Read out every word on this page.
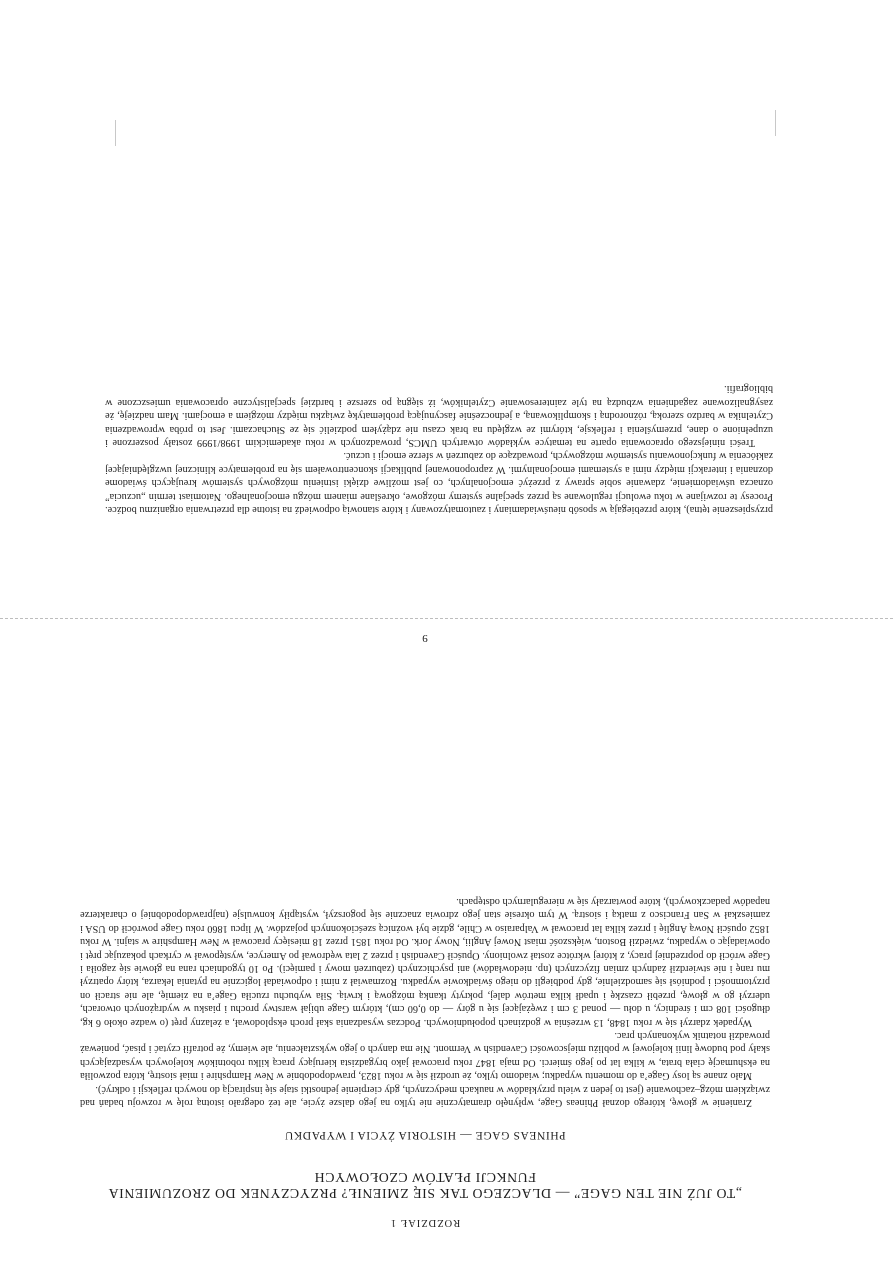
przyspieszenie tętna), które przebiegają w sposób nieuświadamiany i zautomatyzowany i które stanowią odpowiedź na istotne dla przetrwania organizmu bodźce. Procesy te rozwijane w toku ewolucji regulowane są przez specjalne systemy mózgowe, określane mianem mózgu emocjonalnego. Natomiast termin „uczucia” oznacza uświadomienie, zdawanie sobie sprawy z przeżyć emocjonalnych, co jest możliwe dzięki istnieniu mózgowych systemów kreujących świadome doznania i interakcji między nimi a systemami emocjonalnymi. W zaproponowanej publikacji skoncentrowałem się na problematyce klinicznej uwzględniającej zakłócenia w funkcjonowaniu systemów mózgowych, prowadzące do zaburzeń w sferze emocji i uczuć.

Treści niniejszego opracowania oparte na tematyce wykładów otwartych UMCS, prowadzonych w roku akademickim 1998/1999 zostały poszerzone i uzupełnione o dane, przemyślenia i refleksje, którymi ze względu na brak czasu nie zdążyłem podzielić się ze Słuchaczami. Jest to próba wprowadzenia Czytelnika w bardzo szeroką, różnorodną i skomplikowaną, a jednocześnie fascynującą problematykę związku między mózgiem a emocjami. Mam nadzieję, że zasygnalizowane zagadnienia wzbudzą na tyle zainteresowanie Czytelników, iż sięgną po szersze i bardziej specjalistyczne opracowania umieszczone w bibliografii.

ROZDZIAŁ 1
„TO JUŻ NIE TEN GAGE” — DLACZEGO TAK SIĘ ZMIENIŁ? PRZYCZYNEK DO ZROZUMIENIA FUNKCJI PŁATÓW CZOŁOWYCH
PHINEAS GAGE — HISTORIA ŻYCIA I WYPADKU

Zranienie w głowę, którego doznał Phineas Gage, wpłynęło dramatycznie nie tylko na jego dalsze życie, ale też odegrało istotną rolę w rozwoju badań nad związkiem mózg–zachowanie (jest to jeden z wielu przykładów w naukach medycznych, gdy cierpienie jednostki staje się inspiracją do nowych refleksji i odkryć).

Mało znane są losy Gage’a do momentu wypadku; wiadomo tylko, że urodził się w roku 1823, prawdopodobnie w New Hampshire i miał siostrę, która pozwoliła na ekshumację ciała brata, w kilka lat po jego śmierci. Od maja 1847 roku pracował jako brygadzista kierujący pracą kilku robotników kolejowych wysadzających skały pod budowę linii kolejowej w pobliżu miejscowości Cavendish w Vermont. Nie ma danych o jego wykształceniu, ale wiemy, że potrafił czytać i pisać, ponieważ prowadził notatnik wykonanych prac.

Wypadek zdarzył się w roku 1848, 13 września w godzinach popołudniowych. Podczas wysadzania skał proch eksplodował, a żelazny pręt (o wadze około 6 kg, długości 108 cm i średnicy, u dołu — ponad 3 cm i zwężającej się u góry — do 0,60 cm), którym Gage ubijał warstwy prochu i piasku w wydrążonych otworach, uderzył go w głowę, przebił czaszkę i upadł kilka metrów dalej, pokryty tkanką mózgową i krwią. Siła wybuchu rzuciła Gage’a na ziemię, ale nie stracił on przytomności i podniósł się samodzielnie, gdy podbiegli do niego świadkowie wypadku. Rozmawiał z nimi i odpowiadał logicznie na pytania lekarza, który opatrzył mu ranę i nie stwierdził żadnych zmian fizycznych (np. niedowładów) ani psychicznych (zaburzeń mowy i pamięci). Po 10 tygodniach rana na głowie się zagoiła i Gage wrócił do poprzedniej pracy, z której wkrótce został zwolniony. Opuścił Cavendish i przez 2 lata wędrował po Ameryce, występował w cyrkach pokazując pręt i opowiadając o wypadku, zwiedził Boston, większość miast Nowej Anglii, Nowy Jork. Od roku 1851 przez 18 miesięcy pracował w New Hampshire w stajni. W roku 1852 opuścił Nową Anglię i przez kilka lat pracował w Valparaiso w Chile, gdzie był woźnicą sześciokonnych pojazdów. W lipcu 1860 roku Gage powrócił do USA i zamieszkał w San Francisco z matką i siostrą. W tym okresie stan jego zdrowia znacznie się pogorszył, wystąpiły konwulsje (najprawdopodobniej o charakterze napadów padaczkowych), które powtarzały się w nieregularnych odstępach.

9
